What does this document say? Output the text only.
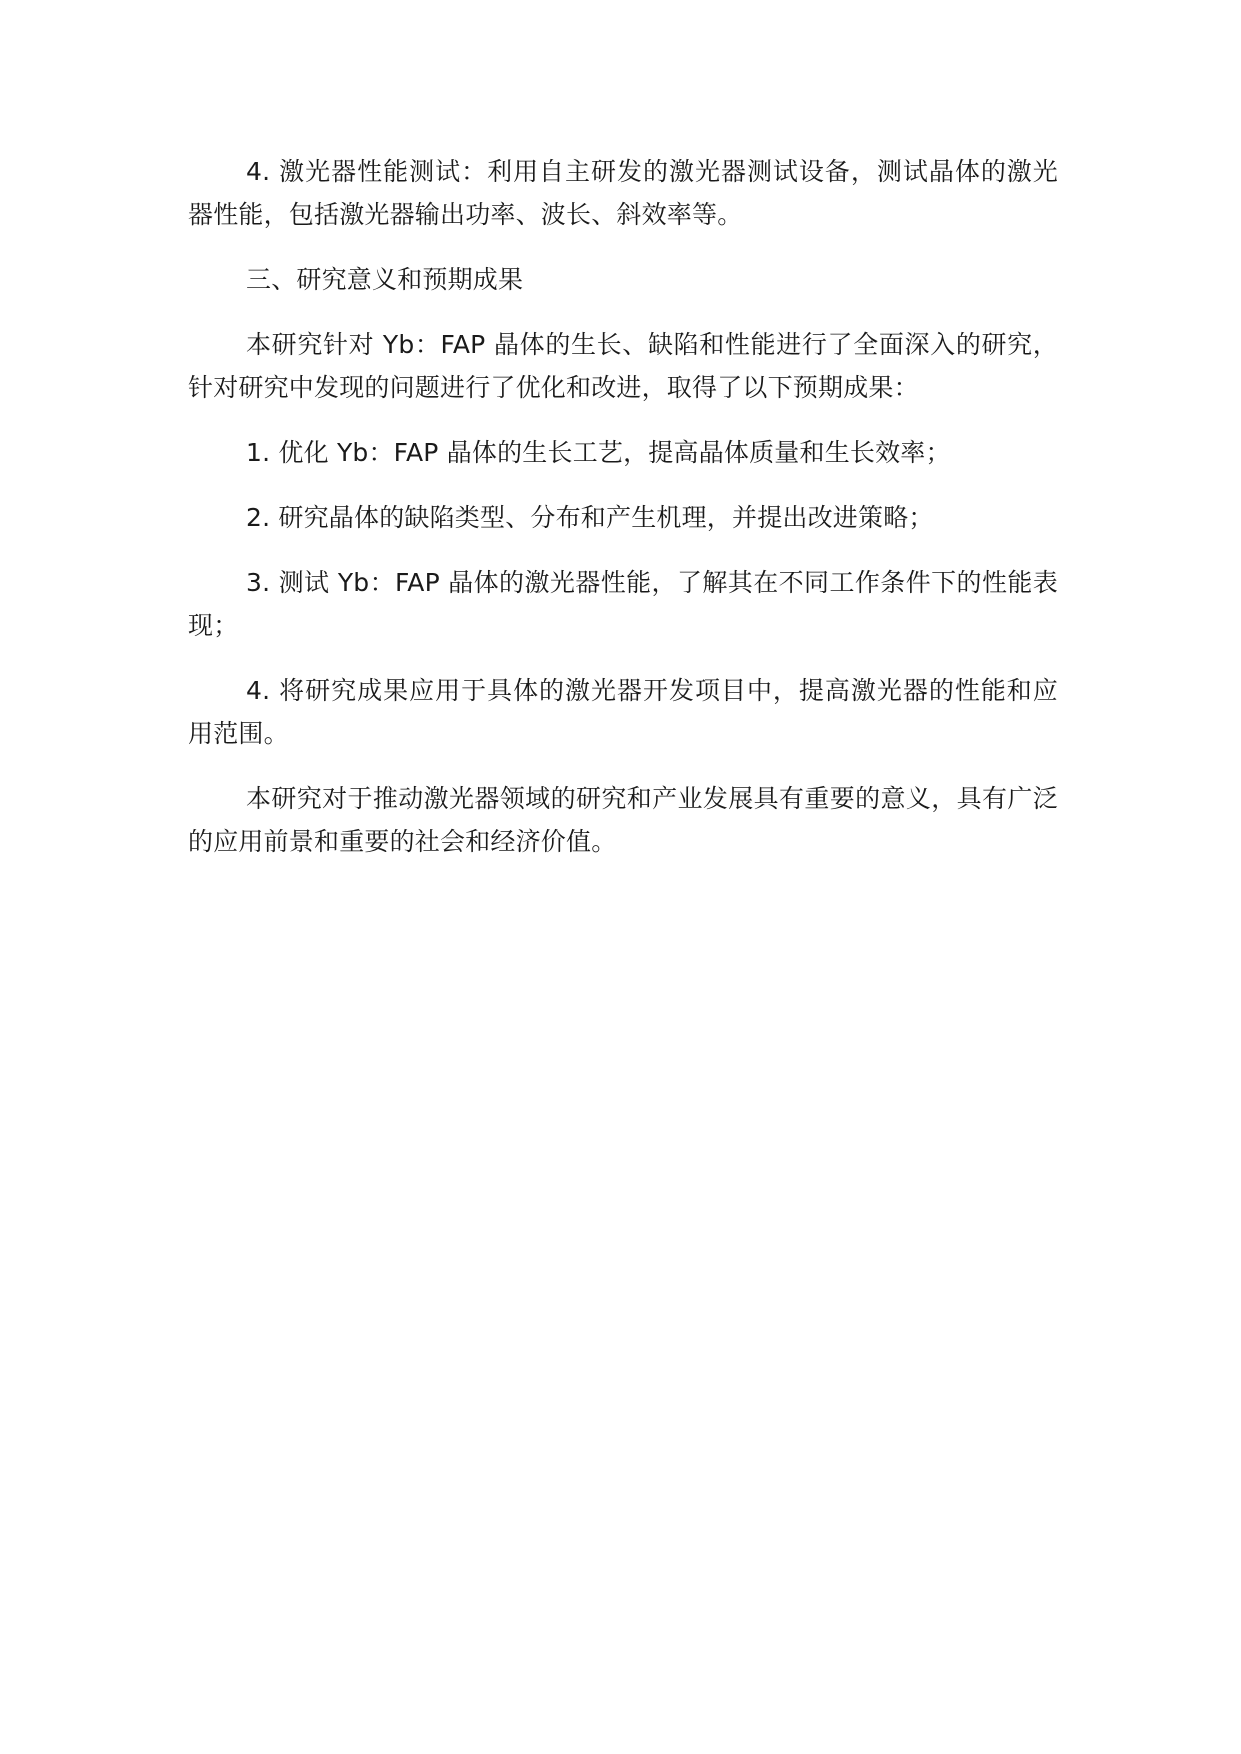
4. 激光器性能测试：利用自主研发的激光器测试设备，测试晶体的激光器性能，包括激光器输出功率、波长、斜效率等。

三、研究意义和预期成果

本研究针对 Yb：FAP 晶体的生长、缺陷和性能进行了全面深入的研究，针对研究中发现的问题进行了优化和改进，取得了以下预期成果：

1. 优化 Yb：FAP 晶体的生长工艺，提高晶体质量和生长效率；

2. 研究晶体的缺陷类型、分布和产生机理，并提出改进策略；

3. 测试 Yb：FAP 晶体的激光器性能，了解其在不同工作条件下的性能表现；

4. 将研究成果应用于具体的激光器开发项目中，提高激光器的性能和应用范围。

本研究对于推动激光器领域的研究和产业发展具有重要的意义，具有广泛的应用前景和重要的社会和经济价值。
